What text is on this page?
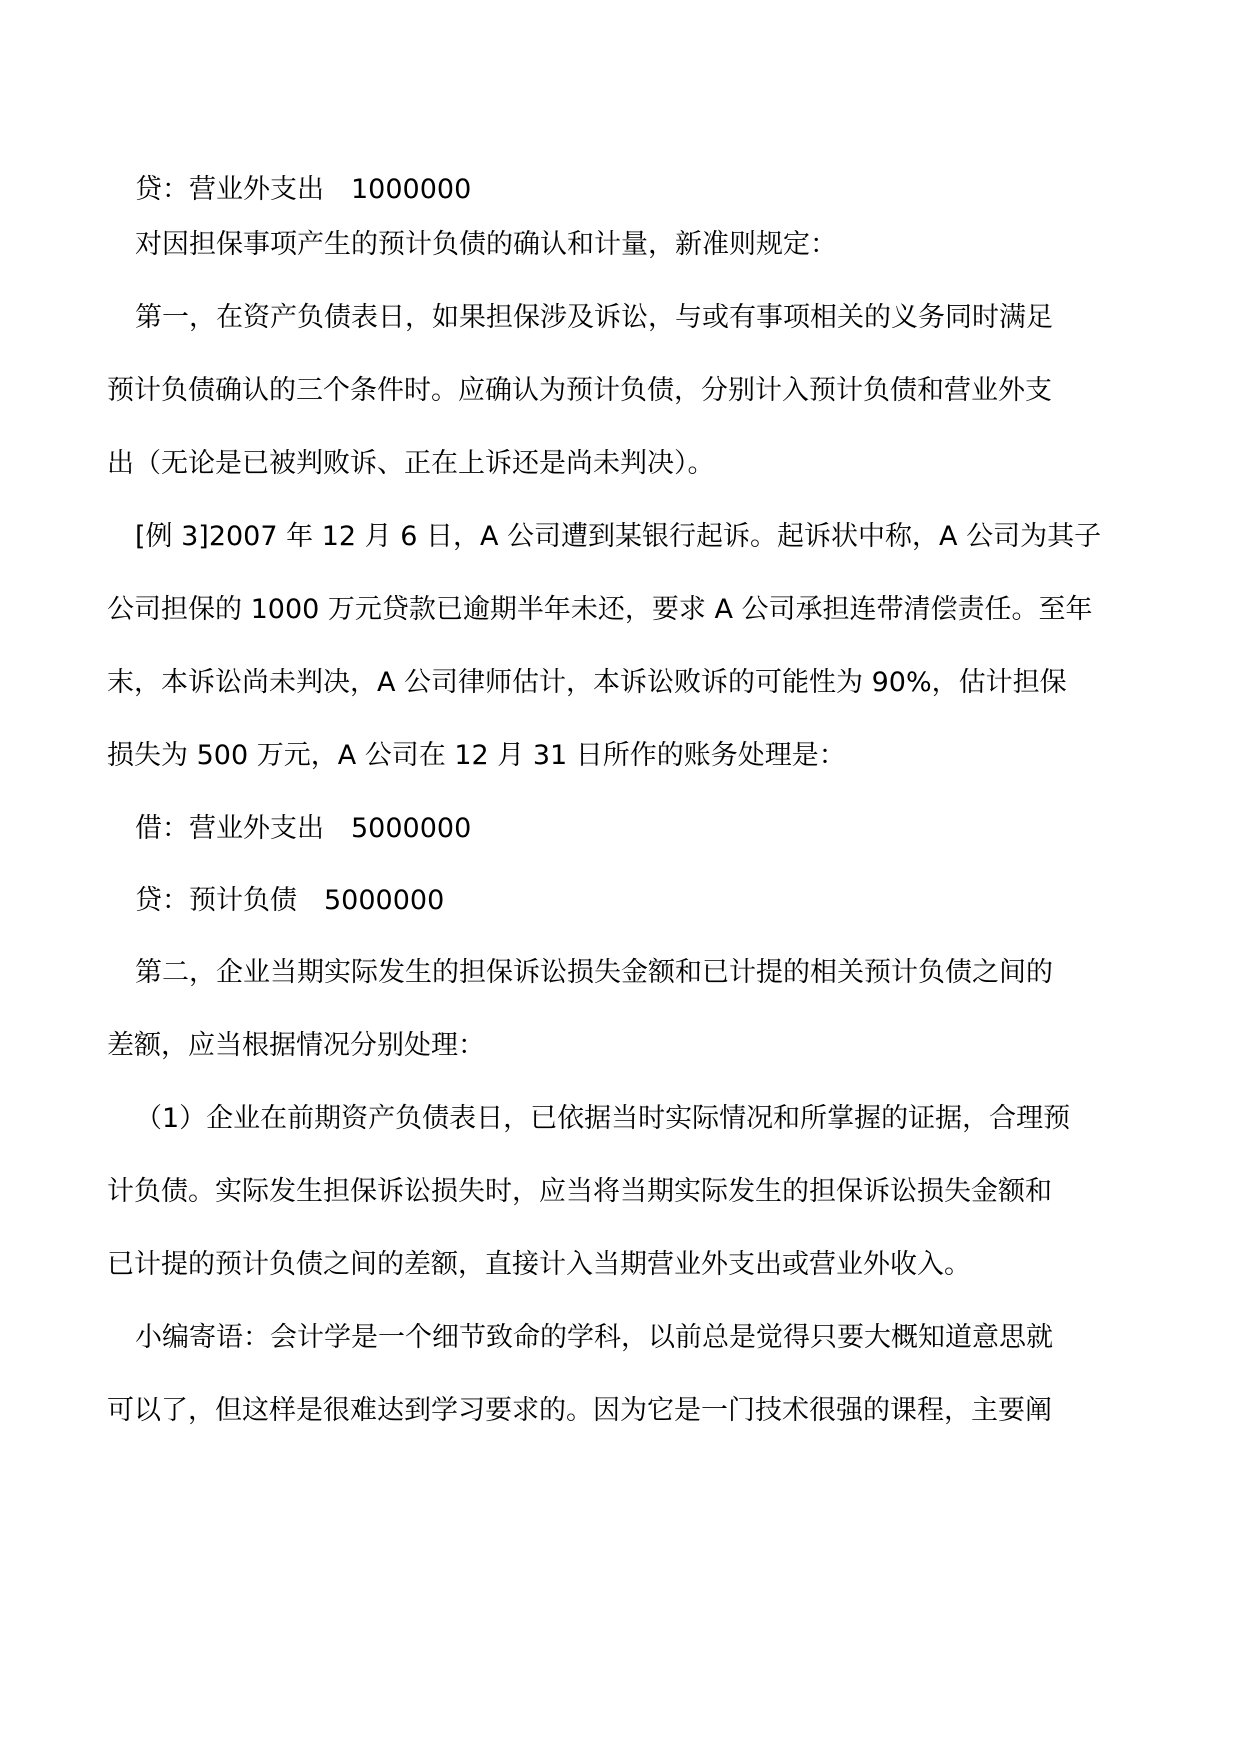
贷：营业外支出　1000000
对因担保事项产生的预计负债的确认和计量，新准则规定：
第一，在资产负债表日，如果担保涉及诉讼，与或有事项相关的义务同时满足
预计负债确认的三个条件时。应确认为预计负债，分别计入预计负债和营业外支
出（无论是已被判败诉、正在上诉还是尚未判决）。
[例 3]2007 年 12 月 6 日，A 公司遭到某银行起诉。起诉状中称，A 公司为其子
公司担保的 1000 万元贷款已逾期半年未还，要求 A 公司承担连带清偿责任。至年
末，本诉讼尚未判决，A 公司律师估计，本诉讼败诉的可能性为 90%，估计担保
损失为 500 万元，A 公司在 12 月 31 日所作的账务处理是：
借：营业外支出　5000000
贷：预计负债　5000000
第二，企业当期实际发生的担保诉讼损失金额和已计提的相关预计负债之间的
差额，应当根据情况分别处理：
（1）企业在前期资产负债表日，已依据当时实际情况和所掌握的证据，合理预
计负债。实际发生担保诉讼损失时，应当将当期实际发生的担保诉讼损失金额和
已计提的预计负债之间的差额，直接计入当期营业外支出或营业外收入。
小编寄语：会计学是一个细节致命的学科，以前总是觉得只要大概知道意思就
可以了，但这样是很难达到学习要求的。因为它是一门技术很强的课程，主要阐
